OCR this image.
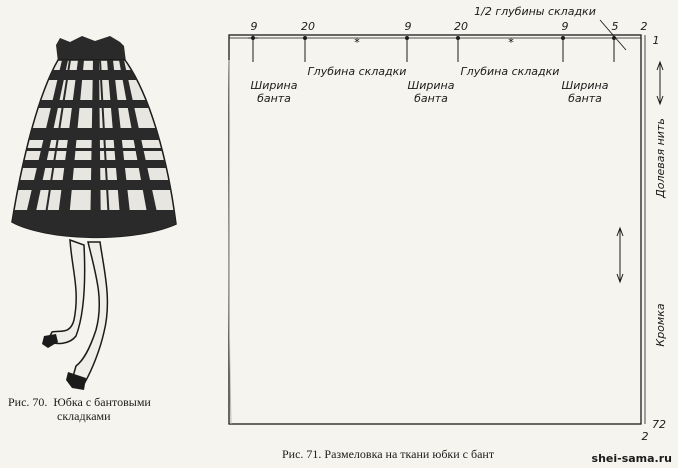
*	*
9	20	9	20	9	5 2
1/2 глубины складки
Глубина складки	Глубина складки
Ширина
банта
Ширина
банта
Ширина
банта
1
72
2
Долевая нить
Кромка
Рис. 70. Юбка с бантовыми
складками
Рис. 71. Размеловка на ткани юбки с бант	shei-sama.ru
